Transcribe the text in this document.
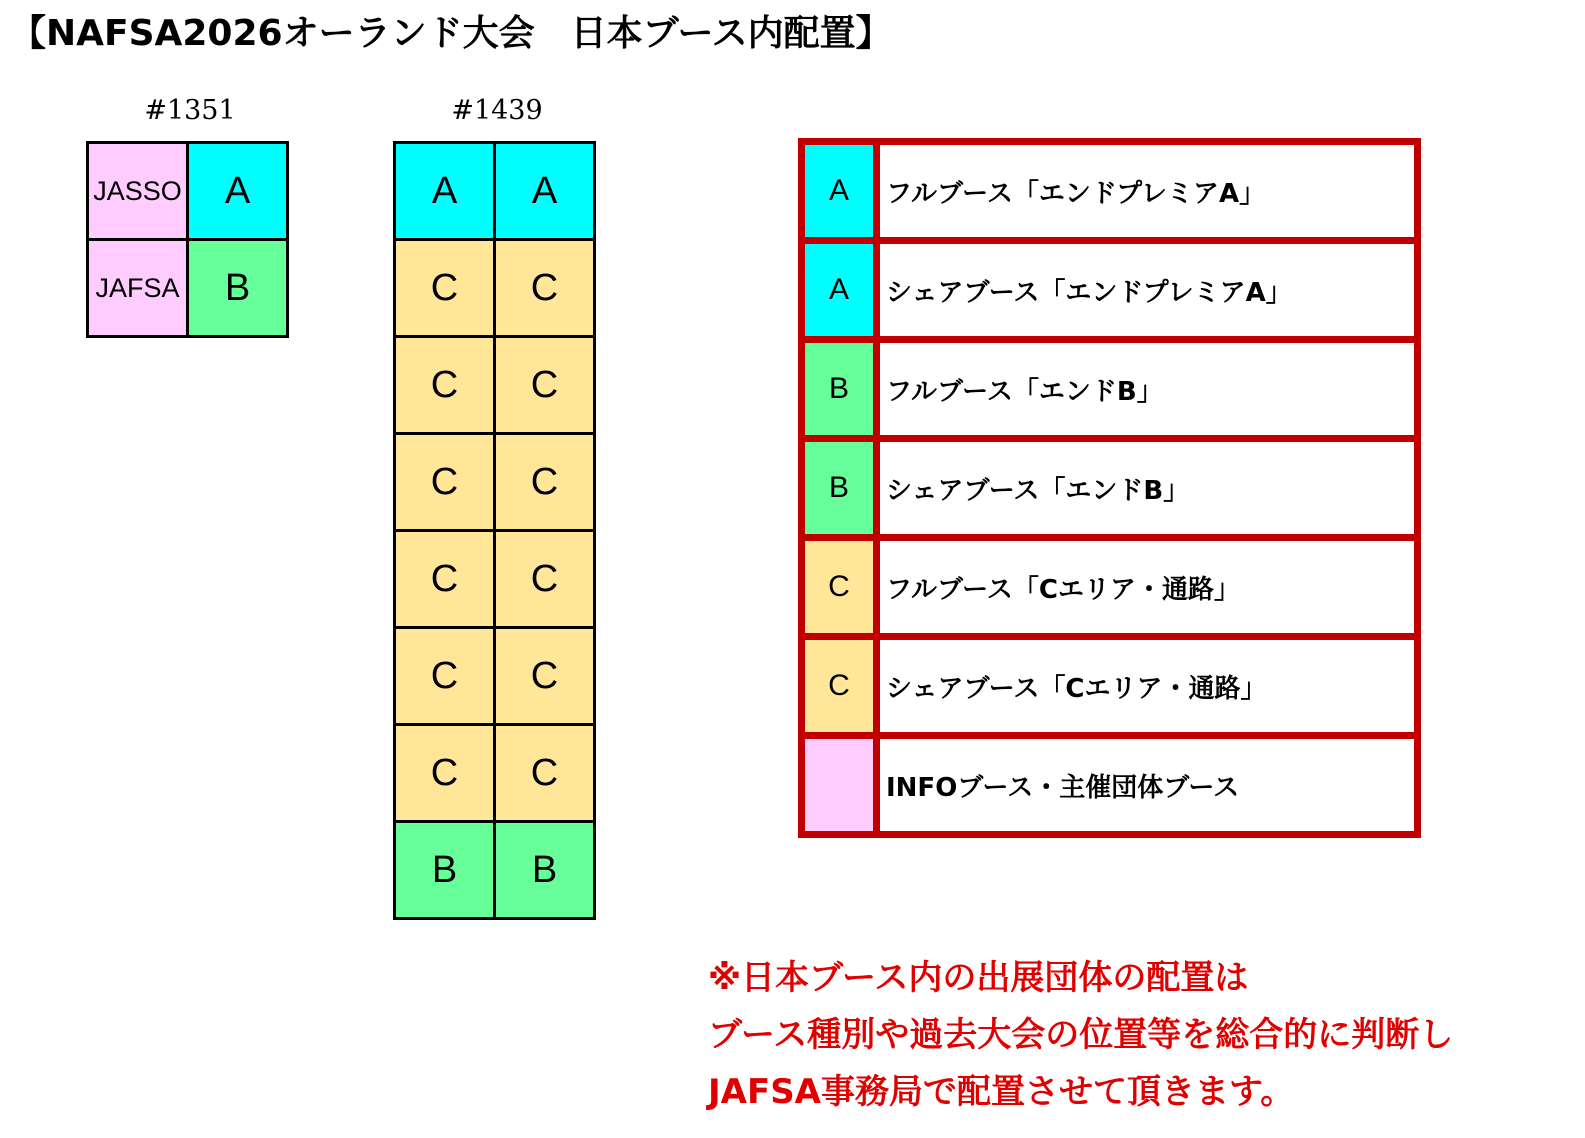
【NAFSA2026オーランド大会　日本ブース内配置】
#1351
JASSO	A
JAFSA	B
#1439
A	A
C	C
C	C
C	C
C	C
C	C
C	C
B	B
A	フルブース「エンドプレミアA」
A	シェアブース「エンドプレミアA」
B	フルブース「エンドB」
B	シェアブース「エンドB」
C	フルブース「Cエリア・通路」
C	シェアブース「Cエリア・通路」
	INFOブース・主催団体ブース
※日本ブース内の出展団体の配置は
ブース種別や過去大会の位置等を総合的に判断し
JAFSA事務局で配置させて頂きます。
